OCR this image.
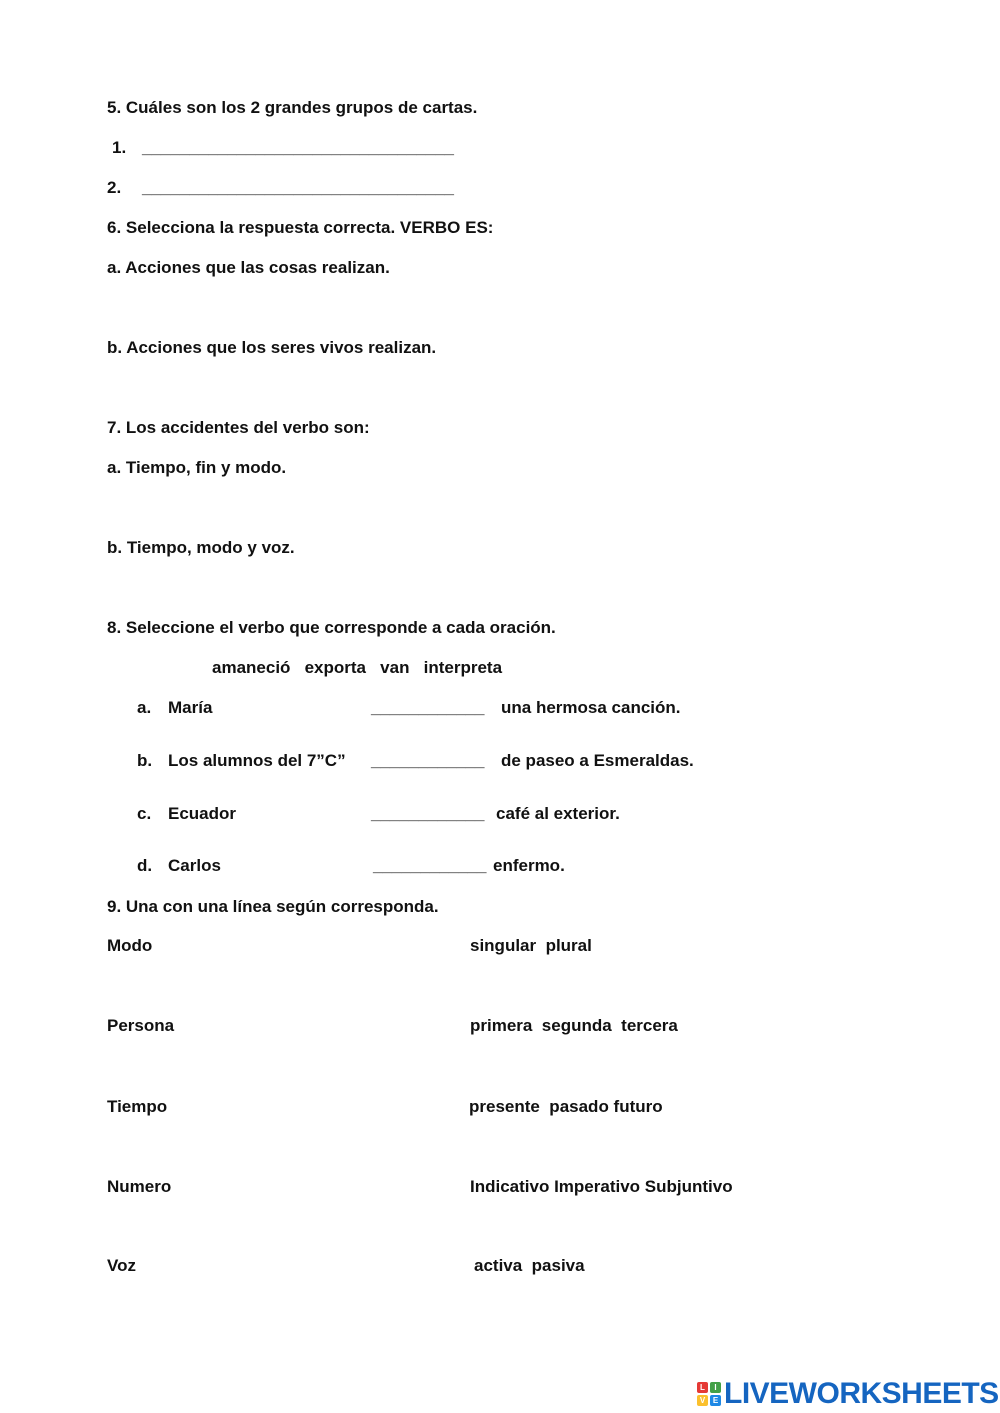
5. Cuáles son los 2 grandes grupos de cartas.
1. _________________________________
2. _________________________________
6. Selecciona la respuesta correcta. VERBO ES:
a. Acciones que las cosas realizan.
b. Acciones que los seres vivos realizan.
7. Los accidentes del verbo son:
a. Tiempo, fin y modo.
b. Tiempo, modo y voz.
8. Seleccione el verbo que corresponde a cada oración.
amaneció   exporta   van   interpreta
a. María	____________ una hermosa canción.
b. Los alumnos del 7”C” ____________ de paseo a Esmeraldas.
c. Ecuador	____________ café al exterior.
d. Carlos	____________ enfermo.
9. Una con una línea según corresponda.
Modo	singular  plural
Persona	primera  segunda  tercera
Tiempo	presente  pasado futuro
Numero	Indicativo Imperativo Subjuntivo
Voz	activa  pasiva
L	I
V E LIVEWORKSHEETS
